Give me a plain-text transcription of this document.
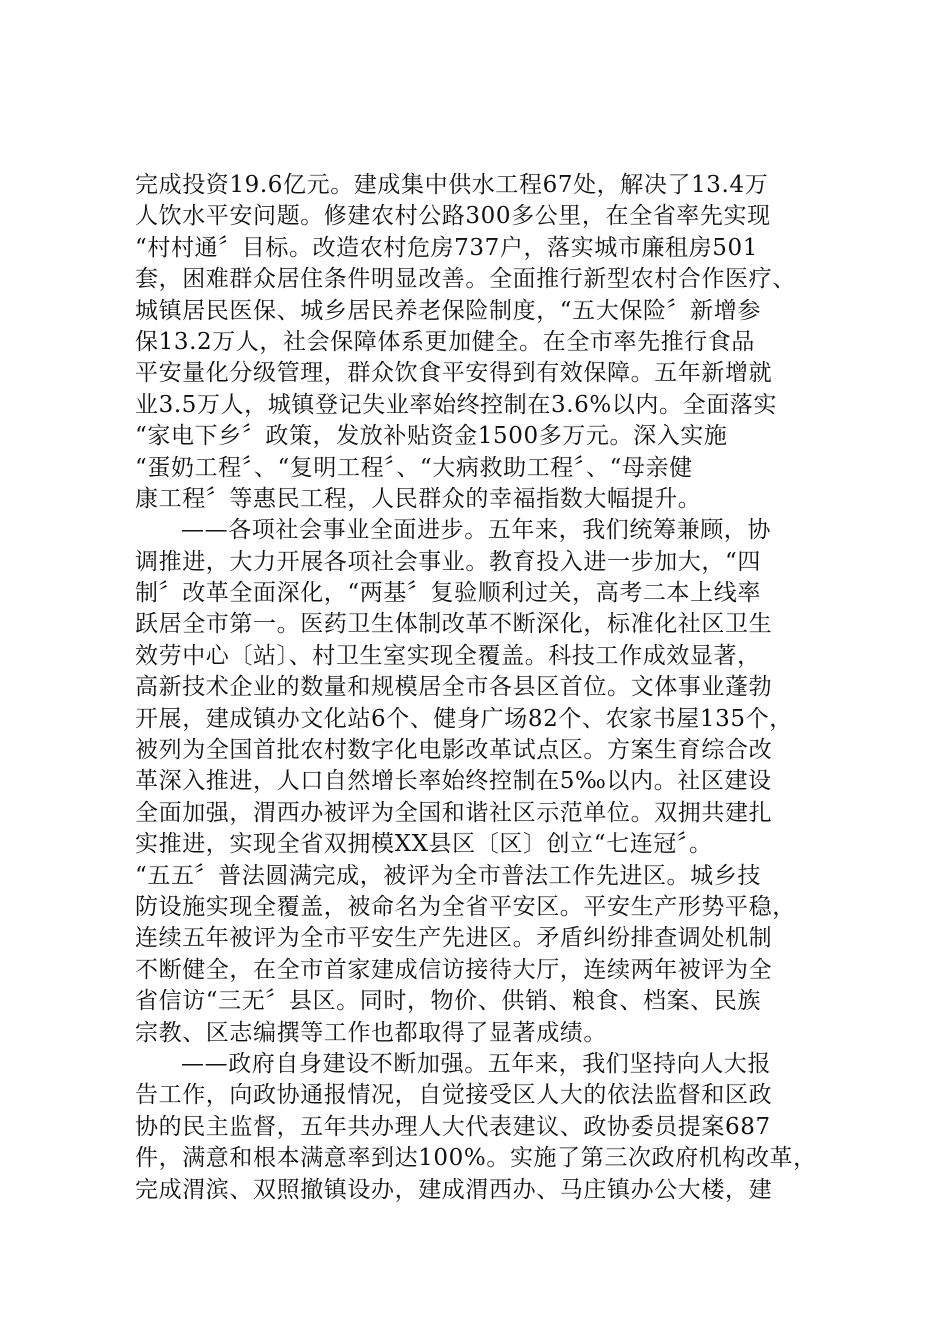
完成投资19.6亿元。建成集中供水工程67处，解决了13.4万
人饮水平安问题。修建农村公路300多公里，在全省率先实现
“村村通〞目标。改造农村危房737户，落实城市廉租房501
套，困难群众居住条件明显改善。全面推行新型农村合作医疗、
城镇居民医保、城乡居民养老保险制度，“五大保险〞新增参
保13.2万人，社会保障体系更加健全。在全市率先推行食品
平安量化分级管理，群众饮食平安得到有效保障。五年新增就
业3.5万人，城镇登记失业率始终控制在3.6%以内。全面落实
“家电下乡〞政策，发放补贴资金1500多万元。深入实施
“蛋奶工程〞、“复明工程〞、“大病救助工程〞、“母亲健
康工程〞等惠民工程，人民群众的幸福指数大幅提升。
——各项社会事业全面进步。五年来，我们统筹兼顾，协
调推进，大力开展各项社会事业。教育投入进一步加大，“四
制〞改革全面深化，“两基〞复验顺利过关，高考二本上线率
跃居全市第一。医药卫生体制改革不断深化，标准化社区卫生
效劳中心〔站〕、村卫生室实现全覆盖。科技工作成效显著，
高新技术企业的数量和规模居全市各县区首位。文体事业蓬勃
开展，建成镇办文化站6个、健身广场82个、农家书屋135个，
被列为全国首批农村数字化电影改革试点区。方案生育综合改
革深入推进，人口自然增长率始终控制在5‰以内。社区建设
全面加强，渭西办被评为全国和谐社区示范单位。双拥共建扎
实推进，实现全省双拥模XX县区〔区〕创立“七连冠〞。
“五五〞普法圆满完成，被评为全市普法工作先进区。城乡技
防设施实现全覆盖，被命名为全省平安区。平安生产形势平稳，
连续五年被评为全市平安生产先进区。矛盾纠纷排查调处机制
不断健全，在全市首家建成信访接待大厅，连续两年被评为全
省信访“三无〞县区。同时，物价、供销、粮食、档案、民族
宗教、区志编撰等工作也都取得了显著成绩。
——政府自身建设不断加强。五年来，我们坚持向人大报
告工作，向政协通报情况，自觉接受区人大的依法监督和区政
协的民主监督，五年共办理人大代表建议、政协委员提案687
件，满意和根本满意率到达100%。实施了第三次政府机构改革，
完成渭滨、双照撤镇设办，建成渭西办、马庄镇办公大楼，建
